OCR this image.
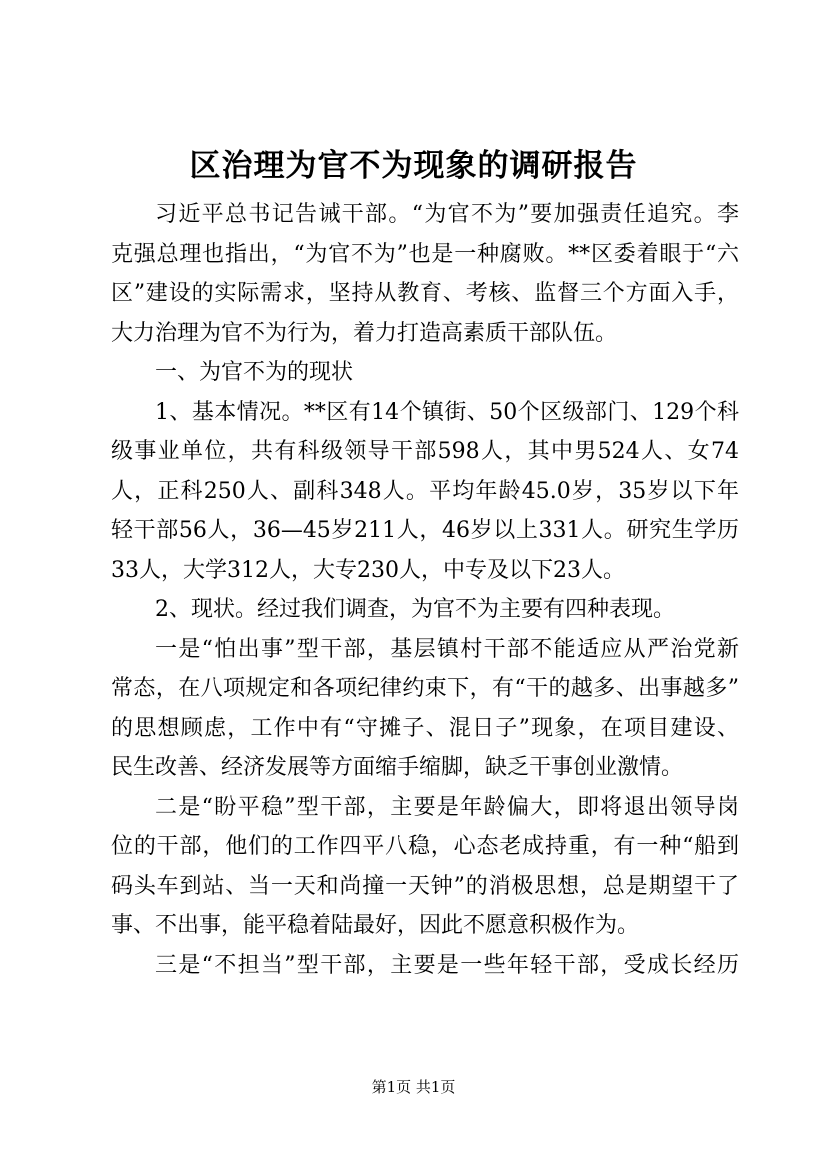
区治理为官不为现象的调研报告
习近平总书记告诫干部。“为官不为”要加强责任追究。李
克强总理也指出，“为官不为”也是一种腐败。**区委着眼于“六
区”建设的实际需求，坚持从教育、考核、监督三个方面入手，
大力治理为官不为行为，着力打造高素质干部队伍。
一、为官不为的现状
1、基本情况。**区有14个镇街、50个区级部门、129个科
级事业单位，共有科级领导干部598人，其中男524人、女74
人，正科250人、副科348人。平均年龄45.0岁，35岁以下年
轻干部56人，36—45岁211人，46岁以上331人。研究生学历
33人，大学312人，大专230人，中专及以下23人。
2、现状。经过我们调查，为官不为主要有四种表现。
一是“怕出事”型干部，基层镇村干部不能适应从严治党新
常态，在八项规定和各项纪律约束下，有“干的越多、出事越多”
的思想顾虑，工作中有“守摊子、混日子”现象，在项目建设、
民生改善、经济发展等方面缩手缩脚，缺乏干事创业激情。
二是“盼平稳”型干部，主要是年龄偏大，即将退出领导岗
位的干部，他们的工作四平八稳，心态老成持重，有一种“船到
码头车到站、当一天和尚撞一天钟”的消极思想，总是期望干了
事、不出事，能平稳着陆最好，因此不愿意积极作为。
三是“不担当”型干部，主要是一些年轻干部，受成长经历
第1页 共1页
